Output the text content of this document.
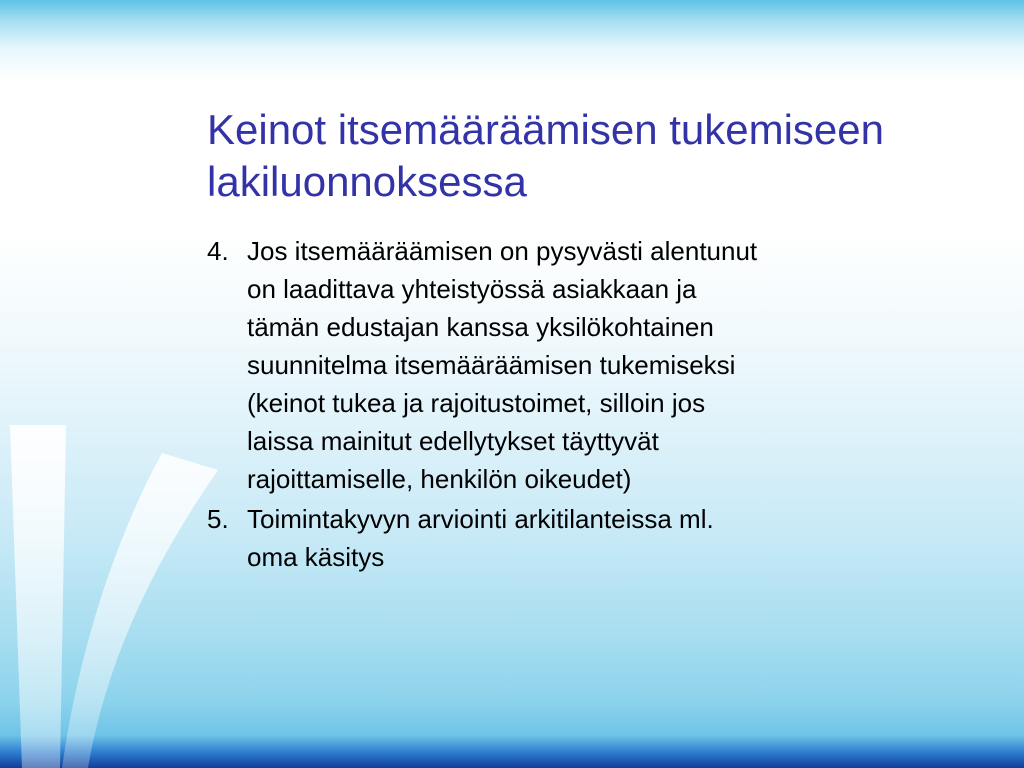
Keinot itsemääräämisen tukemiseen
lakiluonnoksessa
4. Jos itsemääräämisen on pysyvästi alentunut
on laadittava yhteistyössä asiakkaan ja
tämän edustajan kanssa yksilökohtainen
suunnitelma itsemääräämisen tukemiseksi
(keinot tukea ja rajoitustoimet, silloin jos
laissa mainitut edellytykset täyttyvät
rajoittamiselle, henkilön oikeudet)
5. Toimintakyvyn arviointi arkitilanteissa ml.
oma käsitys
